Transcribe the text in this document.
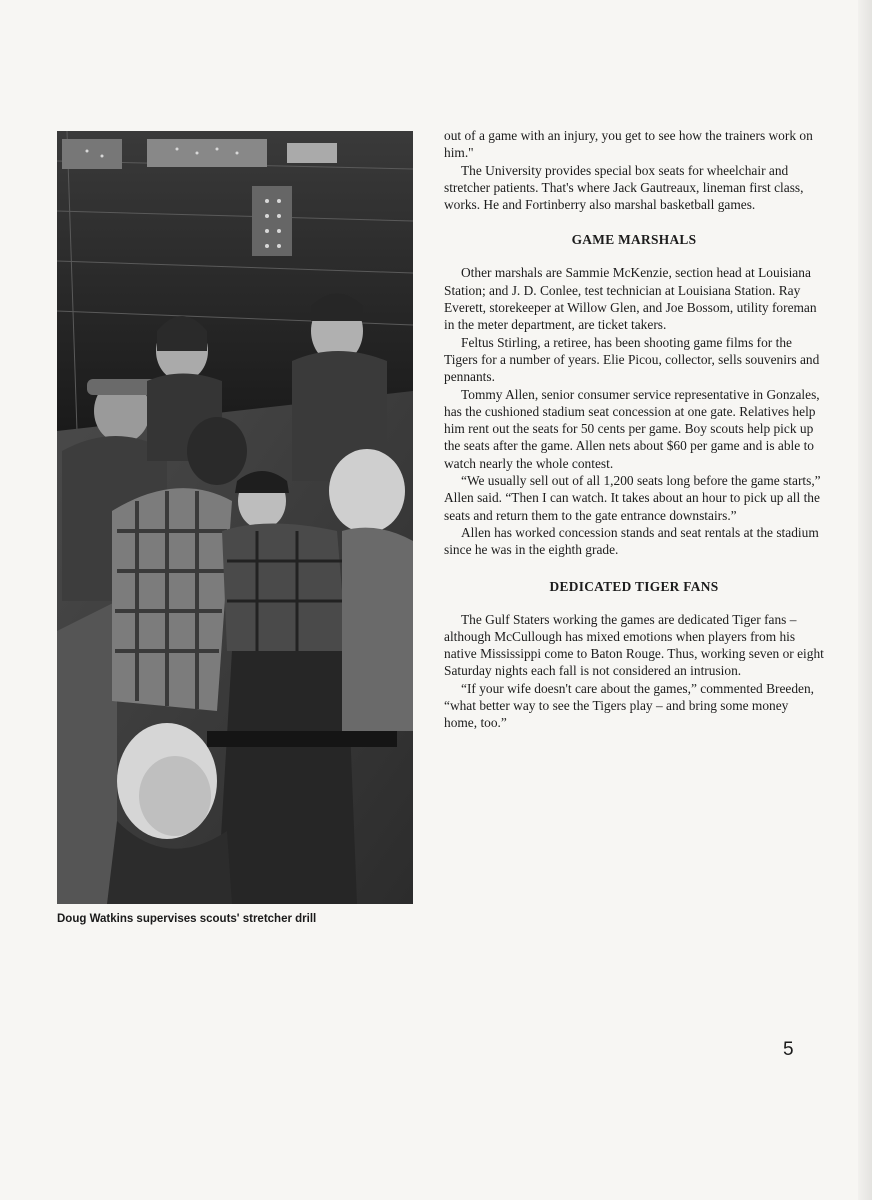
Doug Watkins supervises scouts' stretcher drill

out of a game with an injury, you get to see how the trainers work on him."

The University provides special box seats for wheelchair and stretcher patients. That's where Jack Gautreaux, lineman first class, works. He and Fortinberry also marshal basketball games.

GAME MARSHALS

Other marshals are Sammie McKenzie, section head at Louisiana Station; and J. D. Conlee, test technician at Louisiana Station. Ray Everett, storekeeper at Willow Glen, and Joe Bossom, utility foreman in the meter department, are ticket takers.

Feltus Stirling, a retiree, has been shooting game films for the Tigers for a number of years. Elie Picou, collector, sells souvenirs and pennants.

Tommy Allen, senior consumer service representative in Gonzales, has the cushioned stadium seat concession at one gate. Relatives help him rent out the seats for 50 cents per game. Boy scouts help pick up the seats after the game. Allen nets about $60 per game and is able to watch nearly the whole contest.

“We usually sell out of all 1,200 seats long before the game starts,” Allen said. “Then I can watch. It takes about an hour to pick up all the seats and return them to the gate entrance downstairs.”

Allen has worked concession stands and seat rentals at the stadium since he was in the eighth grade.

DEDICATED TIGER FANS

The Gulf Staters working the games are dedicated Tiger fans – although McCullough has mixed emotions when players from his native Mississippi come to Baton Rouge. Thus, working seven or eight Saturday nights each fall is not considered an intrusion.

“If your wife doesn't care about the games,” commented Breeden, “what better way to see the Tigers play – and bring some money home, too.”

5
